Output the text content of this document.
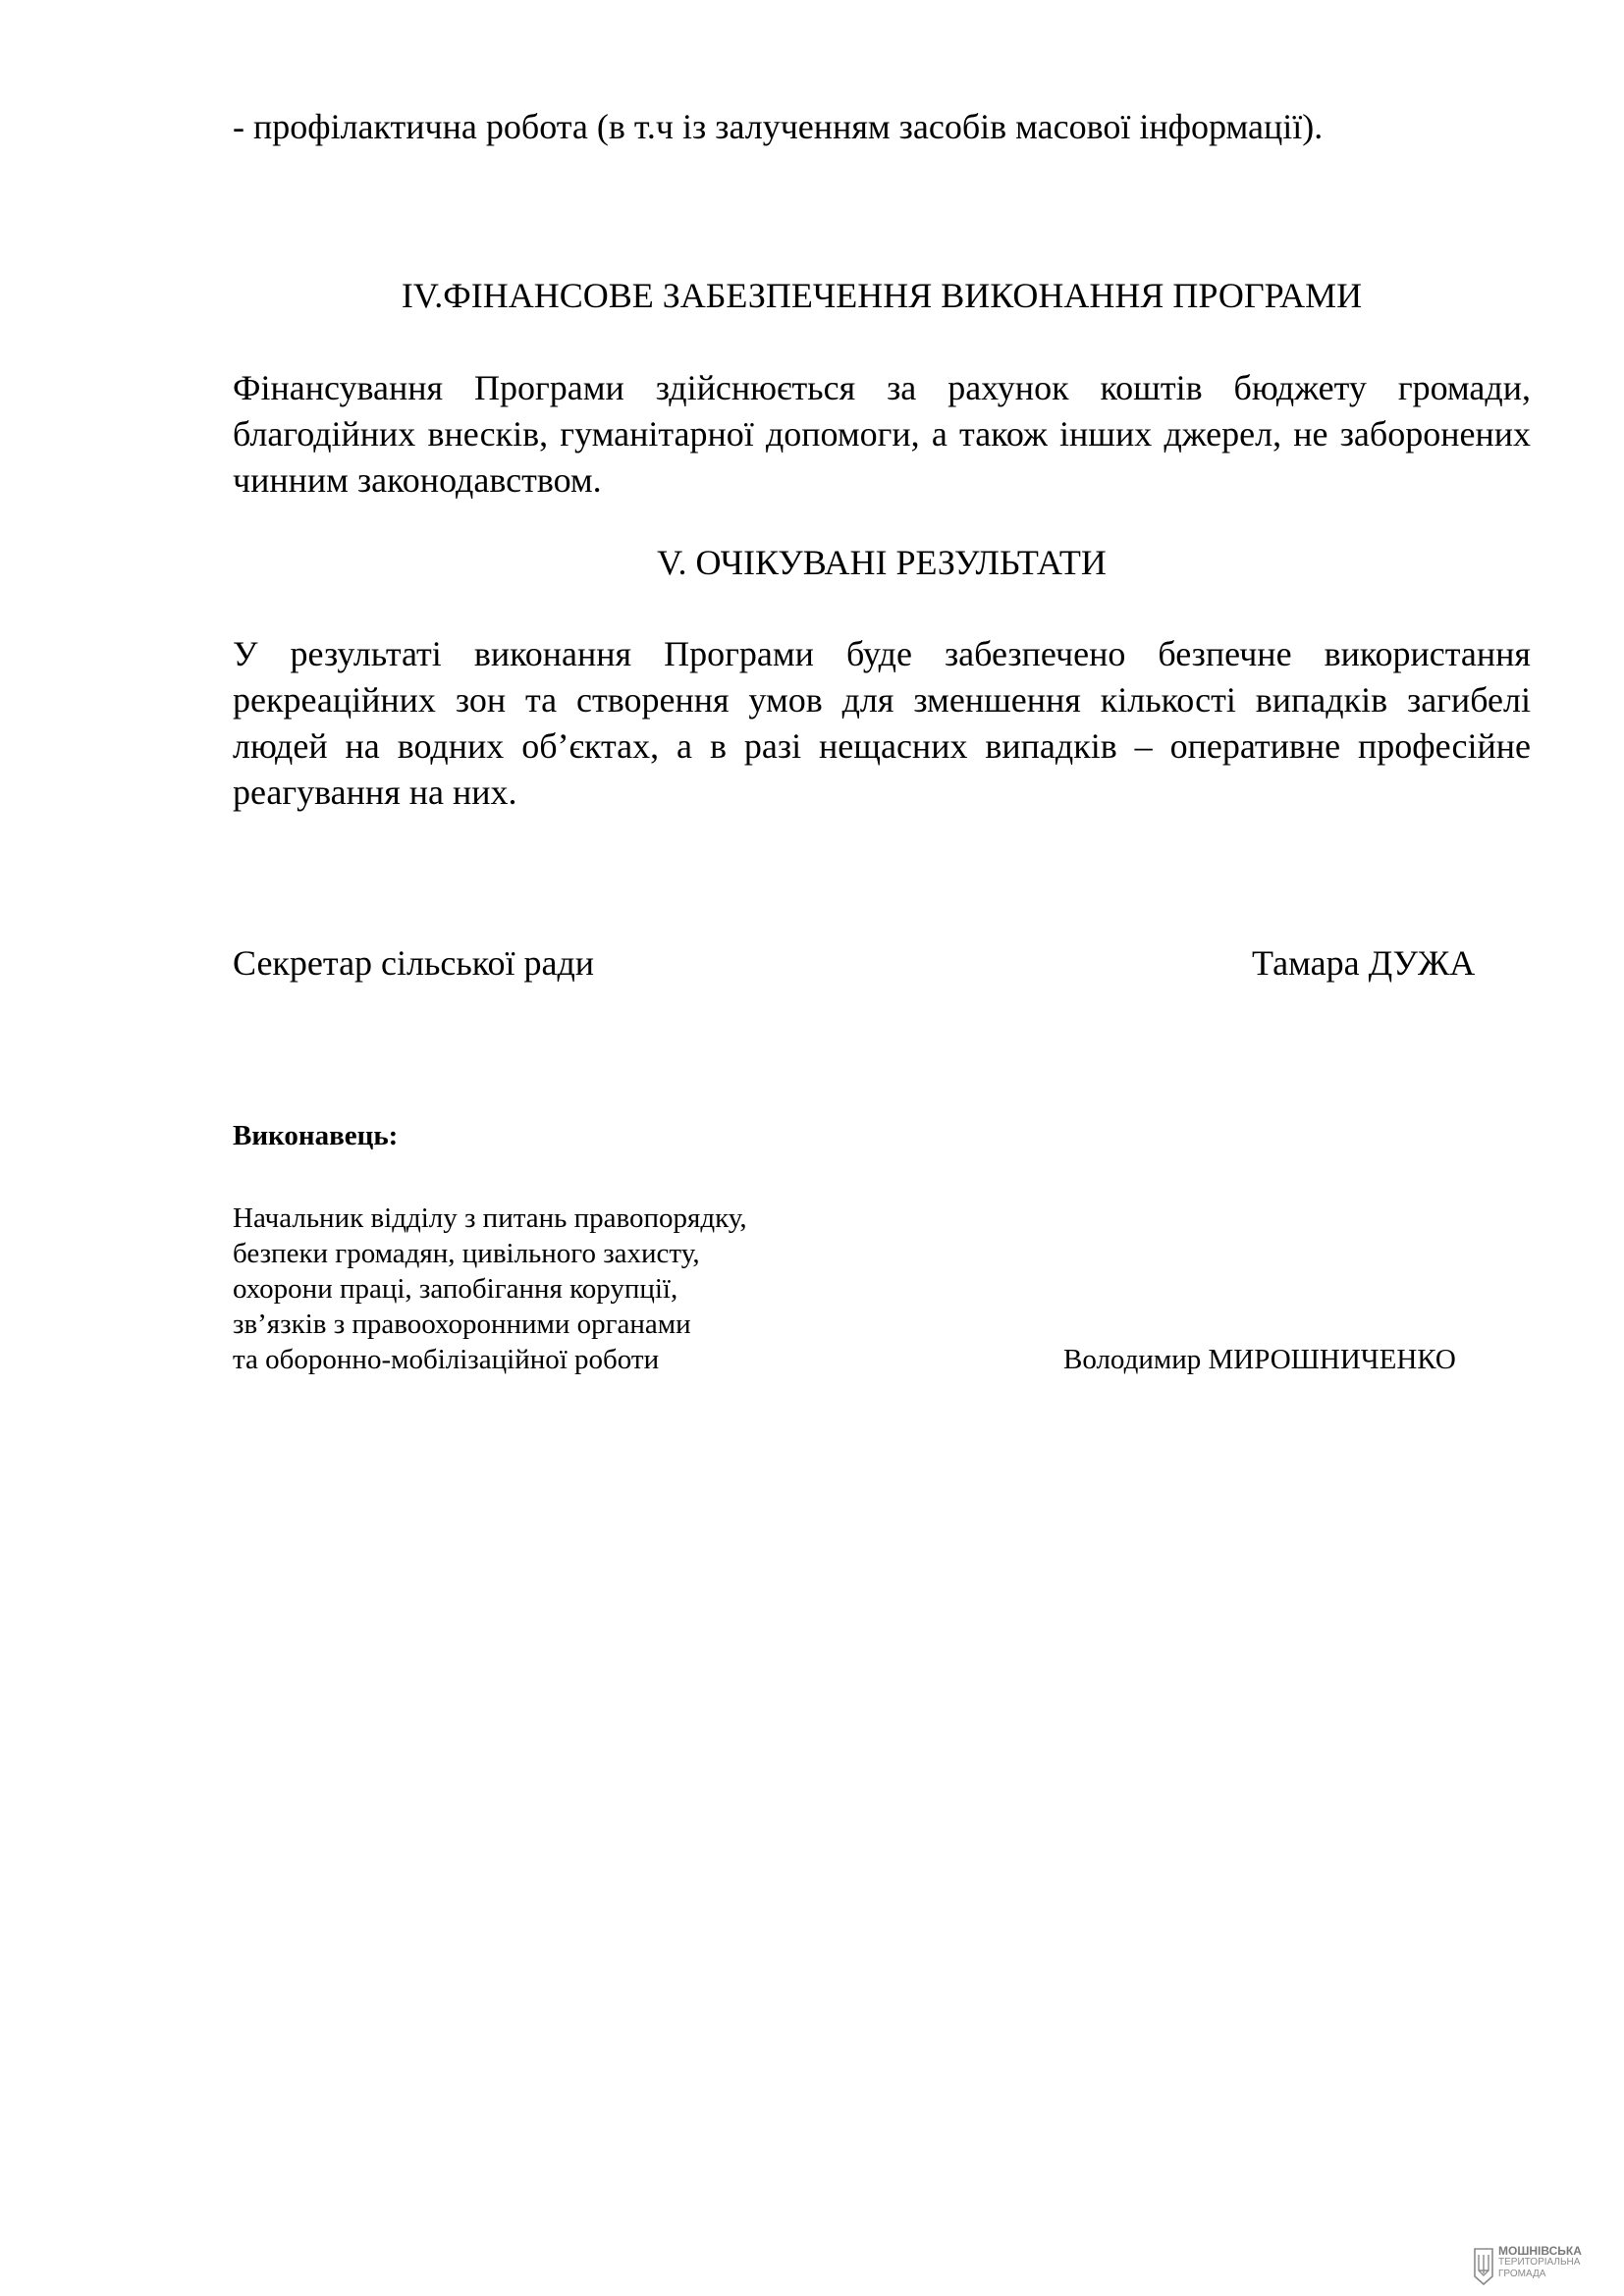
- профілактична робота (в т.ч із залученням засобів масової інформації).

IV.ФІНАНСОВЕ ЗАБЕЗПЕЧЕННЯ ВИКОНАННЯ ПРОГРАМИ

Фінансування Програми здійснюється за рахунок коштів бюджету громади, благодійних внесків, гуманітарної допомоги, а також інших джерел, не заборонених чинним законодавством.

V. ОЧІКУВАНІ РЕЗУЛЬТАТИ

У результаті виконання Програми буде забезпечено безпечне використання рекреаційних зон та створення умов для зменшення кількості випадків загибелі людей на водних об’єктах, а в разі нещасних випадків – оперативне професійне реагування на них.

Секретар сільської ради	Тамара ДУЖА

Виконавець:

Начальник відділу з питань правопорядку,
безпеки громадян, цивільного захисту,
охорони праці, запобігання корупції,
зв’язків з правоохоронними органами
та оборонно-мобілізаційної роботи	Володимир МИРОШНИЧЕНКО

МОШНІВСЬКА
ТЕРИТОРІАЛЬНА
ГРОМАДА
